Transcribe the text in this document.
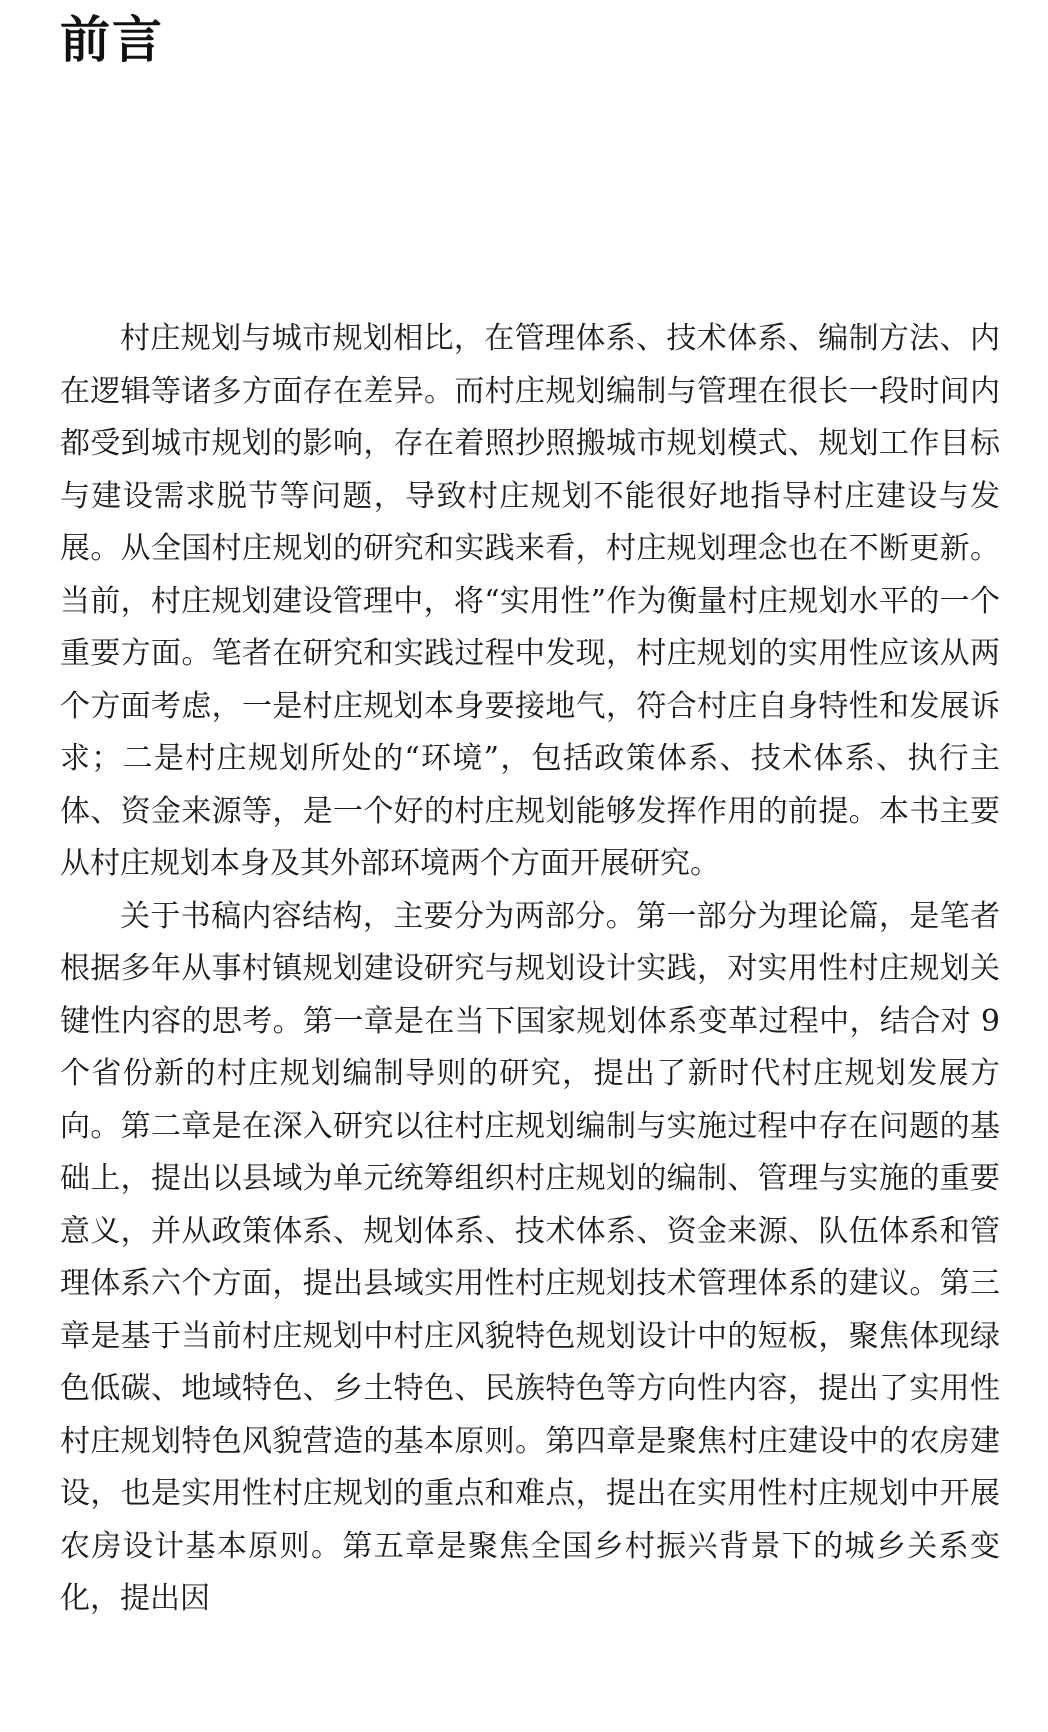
前言

村庄规划与城市规划相比，在管理体系、技术体系、编制方法、内在逻辑等诸多方面存在差异。而村庄规划编制与管理在很长一段时间内都受到城市规划的影响，存在着照抄照搬城市规划模式、规划工作目标与建设需求脱节等问题，导致村庄规划不能很好地指导村庄建设与发展。从全国村庄规划的研究和实践来看，村庄规划理念也在不断更新。当前，村庄规划建设管理中，将“实用性”作为衡量村庄规划水平的一个重要方面。笔者在研究和实践过程中发现，村庄规划的实用性应该从两个方面考虑，一是村庄规划本身要接地气，符合村庄自身特性和发展诉求；二是村庄规划所处的“环境”，包括政策体系、技术体系、执行主体、资金来源等，是一个好的村庄规划能够发挥作用的前提。本书主要从村庄规划本身及其外部环境两个方面开展研究。

关于书稿内容结构，主要分为两部分。第一部分为理论篇，是笔者根据多年从事村镇规划建设研究与规划设计实践，对实用性村庄规划关键性内容的思考。第一章是在当下国家规划体系变革过程中，结合对 9 个省份新的村庄规划编制导则的研究，提出了新时代村庄规划发展方向。第二章是在深入研究以往村庄规划编制与实施过程中存在问题的基础上，提出以县域为单元统筹组织村庄规划的编制、管理与实施的重要意义，并从政策体系、规划体系、技术体系、资金来源、队伍体系和管理体系六个方面，提出县域实用性村庄规划技术管理体系的建议。第三章是基于当前村庄规划中村庄风貌特色规划设计中的短板，聚焦体现绿色低碳、地域特色、乡土特色、民族特色等方向性内容，提出了实用性村庄规划特色风貌营造的基本原则。第四章是聚焦村庄建设中的农房建设，也是实用性村庄规划的重点和难点，提出在实用性村庄规划中开展农房设计基本原则。第五章是聚焦全国乡村振兴背景下的城乡关系变化，提出因
